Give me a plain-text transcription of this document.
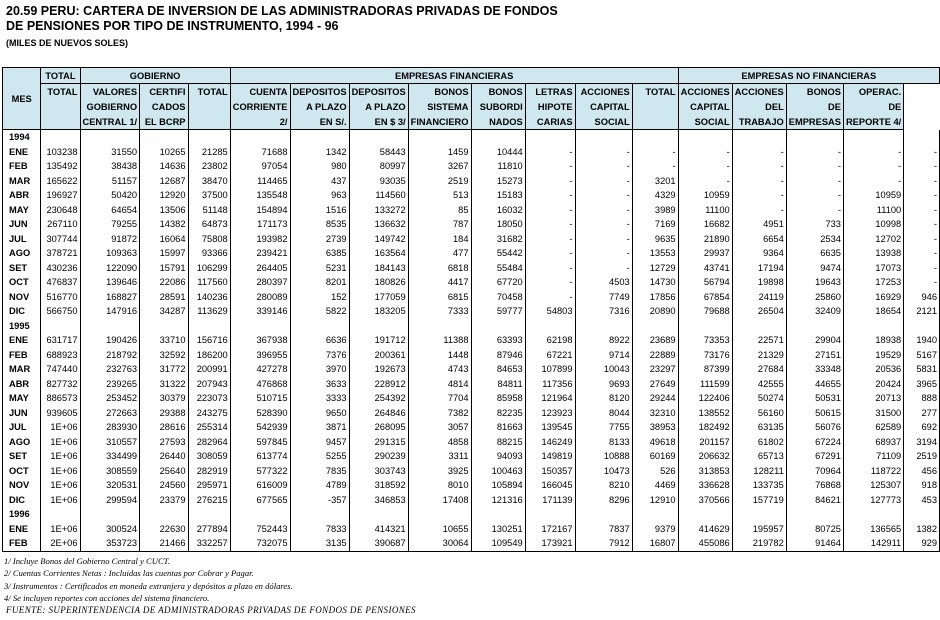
20.59 PERU: CARTERA DE INVERSION DE LAS ADMINISTRADORAS PRIVADAS DE FONDOS
DE PENSIONES POR TIPO DE INSTRUMENTO, 1994 - 96
(MILES DE NUEVOS SOLES)
MES	TOTAL	GOBIERNO			EMPRESAS FINANCIERAS								EMPRESAS NO FINANCIERAS				
	TOTAL	VALORES	CERTIFI	TOTAL	CUENTA	DEPOSITOS	DEPOSITOS	BONOS	BONOS	LETRAS	ACCIONES	TOTAL	ACCIONES	ACCIONES	BONOS	OPERAC.	
		GOBIERNO	CADOS		CORRIENTE	A PLAZO	A PLAZO	SISTEMA	SUBORDI	HIPOTE	CAPITAL		CAPITAL	DEL	DE	DE	
		CENTRAL 1/	EL BCRP		2/	EN S/.	EN $ 3/	FINANCIERO	NADOS	CARIAS	SOCIAL		SOCIAL	TRABAJO	EMPRESAS	REPORTE 4/	
1994																	
ENE	103238	31550	10265	21285	71688	1342	58443	1459	10444	-	-	-	-	-	-	-	-
FEB	135492	38438	14636	23802	97054	980	80997	3267	11810	-	-	-	-	-	-	-	-
MAR	165622	51157	12687	38470	114465	437	93035	2519	15273	-	-	3201	-	-	-	-	-
ABR	196927	50420	12920	37500	135548	963	114560	513	15183	-	-	4329	10959	-	-	10959	-
MAY	230648	64654	13506	51148	154894	1516	133272	85	16032	-	-	3989	11100	-	-	11100	-
JUN	267110	79255	14382	64873	171173	8535	136632	787	18050	-	-	7169	16682	4951	733	10998	-
JUL	307744	91872	16064	75808	193982	2739	149742	184	31682	-	-	9635	21890	6654	2534	12702	-
AGO	378721	109363	15997	93366	239421	6385	163564	477	55442	-	-	13553	29937	9364	6635	13938	-
SET	430236	122090	15791	106299	264405	5231	184143	6818	55484	-	-	12729	43741	17194	9474	17073	-
OCT	476837	139646	22086	117560	280397	8201	180826	4417	67720	-	4503	14730	56794	19898	19643	17253	-
NOV	516770	168827	28591	140236	280089	152	177059	6815	70458	-	7749	17856	67854	24119	25860	16929	946
DIC	566750	147916	34287	113629	339146	5822	183205	7333	59777	54803	7316	20890	79688	26504	32409	18654	2121
1995																	
ENE	631717	190426	33710	156716	367938	6636	191712	11388	63393	62198	8922	23689	73353	22571	29904	18938	1940
FEB	688923	218792	32592	186200	396955	7376	200361	1448	87946	67221	9714	22889	73176	21329	27151	19529	5167
MAR	747440	232763	31772	200991	427278	3970	192673	4743	84653	107899	10043	23297	87399	27684	33348	20536	5831
ABR	827732	239265	31322	207943	476868	3633	228912	4814	84811	117356	9693	27649	111599	42555	44655	20424	3965
MAY	886573	253452	30379	223073	510715	3333	254392	7704	85958	121964	8120	29244	122406	50274	50531	20713	888
JUN	939605	272663	29388	243275	528390	9650	264846	7382	82235	123923	8044	32310	138552	56160	50615	31500	277
JUL	1E+06	283930	28616	255314	542939	3871	268095	3057	81663	139545	7755	38953	182492	63135	56076	62589	692
AGO	1E+06	310557	27593	282964	597845	9457	291315	4858	88215	146249	8133	49618	201157	61802	67224	68937	3194
SET	1E+06	334499	26440	308059	613774	5255	290239	3311	94093	149819	10888	60169	206632	65713	67291	71109	2519
OCT	1E+06	308559	25640	282919	577322	7835	303743	3925	100463	150357	10473	526	313853	128211	70964	118722	456
NOV	1E+06	320531	24560	295971	616009	4789	318592	8010	105894	166045	8210	4469	336628	133735	76868	125307	918
DIC	1E+06	299594	23379	276215	677565	-357	346853	17408	121316	171139	8296	12910	370566	157719	84621	127773	453
1996																	
ENE	1E+06	300524	22630	277894	752443	7833	414321	10655	130251	172167	7837	9379	414629	195957	80725	136565	1382
FEB	2E+06	353723	21466	332257	732075	3135	390687	30064	109549	173921	7912	16807	455086	219782	91464	142911	929
1/ Incluye Bonos del Gobierno Central y CUCT.
2/ Cuentas Corrientes Netas : Incluidas las cuentas por Cobrar y Pagar.
3/ Instrumentos : Certificados en moneda extranjera y depósitos a plazo en dólares.
4/ Se incluyen reportes con acciones del sistema financiero.
FUENTE: SUPERINTENDENCIA DE ADMINISTRADORAS PRIVADAS DE FONDOS DE PENSIONES
